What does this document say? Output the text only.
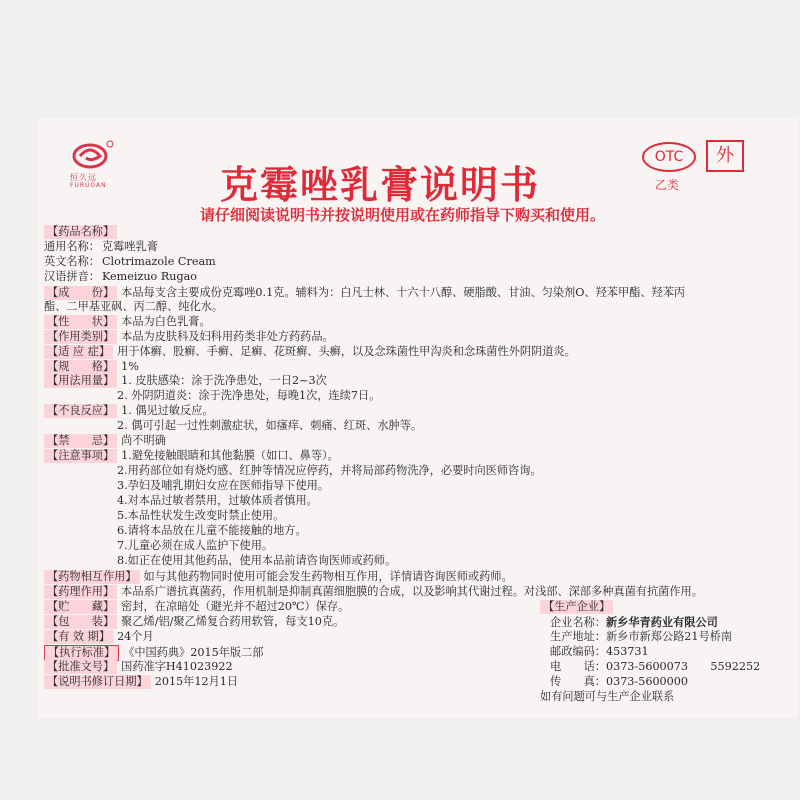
恒久远
FURUOAN	克霉唑乳膏说明书
请仔细阅读说明书并按说明使用或在药师指导下购买和使用。
OTC	外
乙类
【药品名称】
通用名称： 克霉唑乳膏
英文名称： Clotrimazole Cream
汉语拼音： Kemeizuo Rugao
【成　　份】 本品每支含主要成份克霉唑0.1克。辅料为：白凡士林、十六十八醇、硬脂酸、甘油、匀染剂O、羟苯甲酯、羟苯丙
酯、二甲基亚砜、丙二醇、纯化水。
【性　　状】 本品为白色乳膏。
【作用类别】 本品为皮肤科及妇科用药类非处方药药品。
【适 应 症】 用于体癣、股癣、手癣、足癣、花斑癣、头癣，以及念珠菌性甲沟炎和念珠菌性外阴阴道炎。
【规　　格】 1%
【用法用量】 1. 皮肤感染：涂于洗净患处，一日2~3次
2. 外阴阴道炎：涂于洗净患处，每晚1次，连续7日。
【不良反应】 1. 偶见过敏反应。
2. 偶可引起一过性刺激症状，如瘙痒、刺痛、红斑、水肿等。
【禁　　忌】 尚不明确
【注意事项】 1.避免接触眼睛和其他黏膜（如口、鼻等）。
2.用药部位如有烧灼感、红肿等情况应停药，并将局部药物洗净，必要时向医师咨询。
3.孕妇及哺乳期妇女应在医师指导下使用。
4.对本品过敏者禁用，过敏体质者慎用。
5.本品性状发生改变时禁止使用。
6.请将本品放在儿童不能接触的地方。
7.儿童必须在成人监护下使用。
8.如正在使用其他药品，使用本品前请咨询医师或药师。
【药物相互作用】 如与其他药物同时使用可能会发生药物相互作用，详情请咨询医师或药师。
【药理作用】 本品系广谱抗真菌药，作用机制是抑制真菌细胞膜的合成，以及影响其代谢过程。对浅部、深部多种真菌有抗菌作用。
【贮　　藏】 密封，在凉暗处（避光并不超过20℃）保存。
【包　　装】 聚乙烯/铝/聚乙烯复合药用软管，每支10克。
【有 效 期】 24个月
【执行标准】 《中国药典》2015年版二部
【批准文号】 国药准字H41023922
【说明书修订日期】 2015年12月1日
【生产企业】
企业名称：新乡华青药业有限公司
生产地址：新乡市新郑公路21号桥南
邮政编码：453731
电　　话：0373-5600073　　5592252
传　　真：0373-5600000
如有问题可与生产企业联系
